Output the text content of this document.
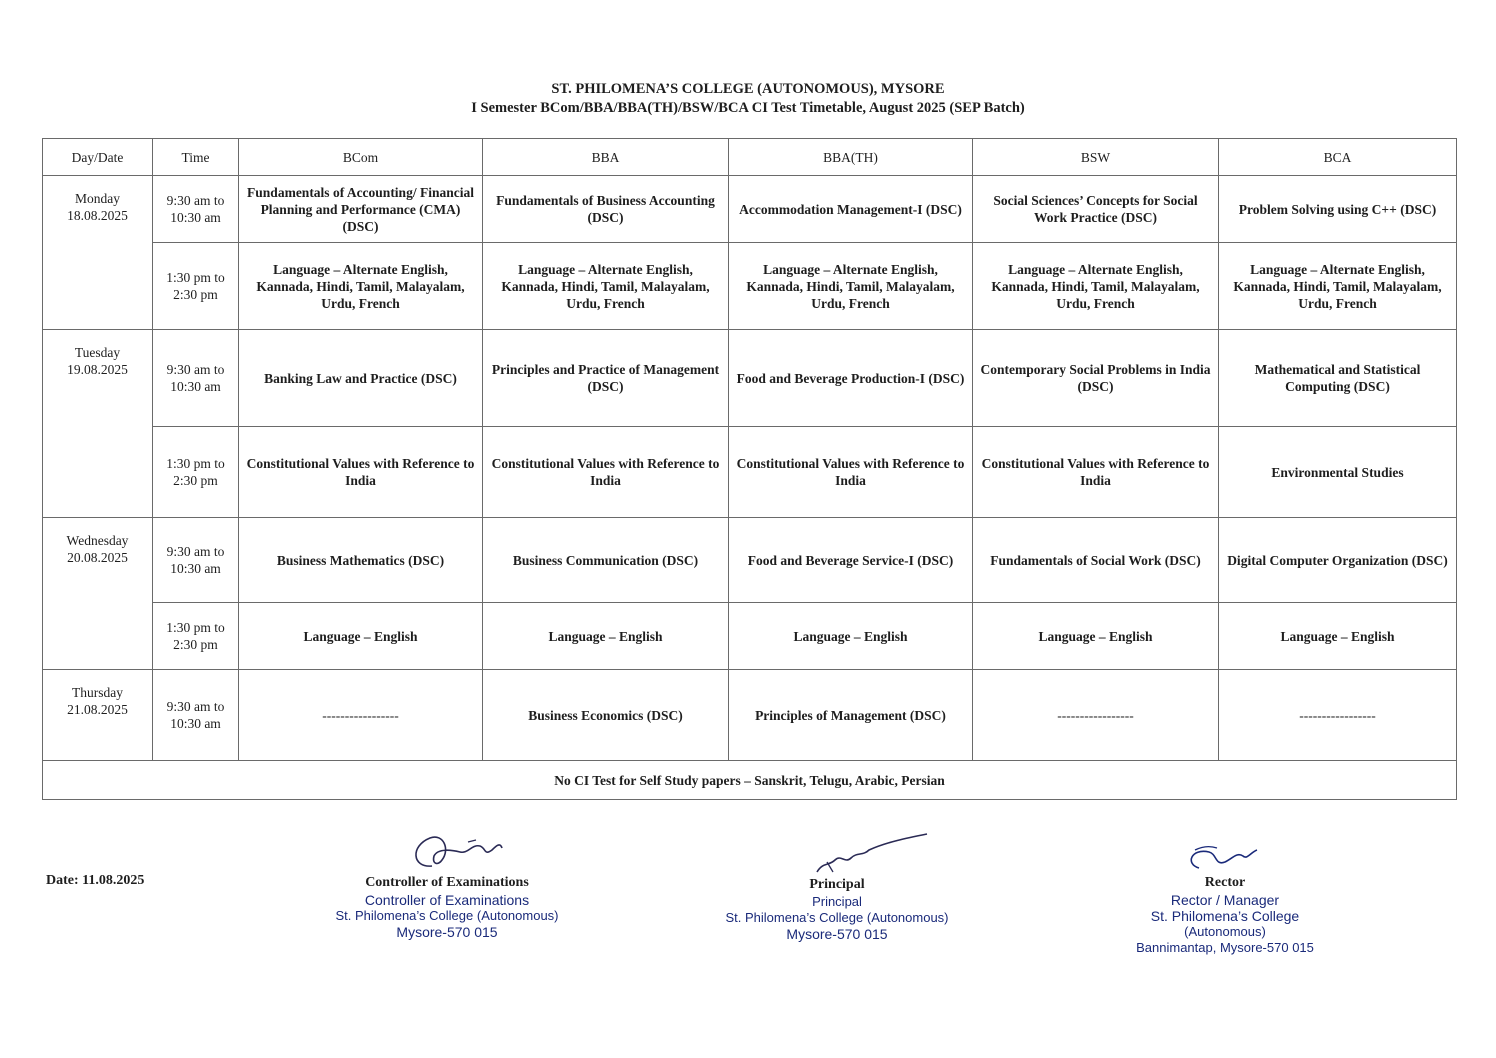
ST. PHILOMENA’S COLLEGE (AUTONOMOUS), MYSORE
I Semester BCom/BBA/BBA(TH)/BSW/BCA CI Test Timetable, August 2025 (SEP Batch)
Day/Date	Time	BCom	BBA	BBA(TH)	BSW	BCA

Monday
18.08.2025	9:30 am to 10:30 am	Fundamentals of Accounting/ Financial Planning and Performance (CMA) (DSC)	Fundamentals of Business Accounting (DSC)	Accommodation Management-I (DSC)	Social Sciences’ Concepts for Social Work Practice (DSC)	Problem Solving using C++ (DSC)
	1:30 pm to 2:30 pm	Language – Alternate English, Kannada, Hindi, Tamil, Malayalam, Urdu, French	Language – Alternate English, Kannada, Hindi, Tamil, Malayalam, Urdu, French	Language – Alternate English, Kannada, Hindi, Tamil, Malayalam, Urdu, French	Language – Alternate English, Kannada, Hindi, Tamil, Malayalam, Urdu, French	Language – Alternate English, Kannada, Hindi, Tamil, Malayalam, Urdu, French

Tuesday
19.08.2025	9:30 am to 10:30 am	Banking Law and Practice (DSC)	Principles and Practice of Management (DSC)	Food and Beverage Production-I (DSC)	Contemporary Social Problems in India (DSC)	Mathematical and Statistical Computing (DSC)
	1:30 pm to 2:30 pm	Constitutional Values with Reference to India	Constitutional Values with Reference to India	Constitutional Values with Reference to India	Constitutional Values with Reference to India	Environmental Studies

Wednesday
20.08.2025	9:30 am to 10:30 am	Business Mathematics (DSC)	Business Communication (DSC)	Food and Beverage Service-I (DSC)	Fundamentals of Social Work (DSC)	Digital Computer Organization (DSC)
	1:30 pm to 2:30 pm	Language – English	Language – English	Language – English	Language – English	Language – English

Thursday
21.08.2025	9:30 am to 10:30 am	-----------------	Business Economics (DSC)	Principles of Management (DSC)	-----------------	-----------------
No CI Test for Self Study papers – Sanskrit, Telugu, Arabic, Persian						
Date: 11.08.2025	Controller of Examinations
Controller of Examinations
St. Philomena’s College (Autonomous)
Mysore-570 015
Principal
Principal
St. Philomena’s College (Autonomous)
Mysore-570 015
Rector
Rector / Manager
St. Philomena’s College
(Autonomous)
Bannimantap, Mysore-570 015
